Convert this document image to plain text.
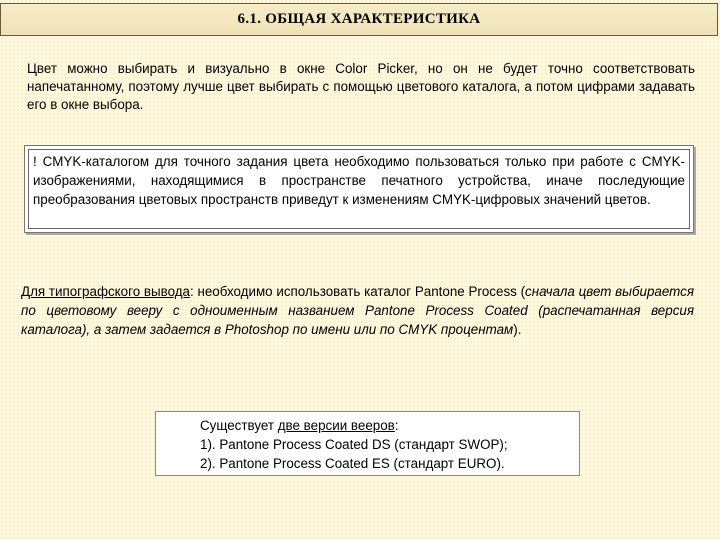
6.1. ОБЩАЯ ХАРАКТЕРИСТИКА

Цвет можно выбирать и визуально в окне Color Picker, но он не будет точно соответствовать напечатанному, поэтому лучше цвет выбирать с помощью цветового каталога, а потом цифрами задавать его в окне выбора.

! CMYK-каталогом для точного задания цвета необходимо пользоваться только при работе с CMYK-изображениями, находящимися в пространстве печатного устройства, иначе последующие преобразования цветовых пространств приведут к изменениям CMYK-цифровых значений цветов.

Для типографского вывода: необходимо использовать каталог Pantone Process (сначала цвет выбирается по цветовому вееру с одноименным названием Pantone Process Coated (распечатанная версия каталога), а затем задается в Photoshop по имени или по CMYK процентам).

Существует две версии вееров:
1). Pantone Process Coated DS (стандарт SWOP);
2). Pantone Process Coated ES (стандарт EURO).
